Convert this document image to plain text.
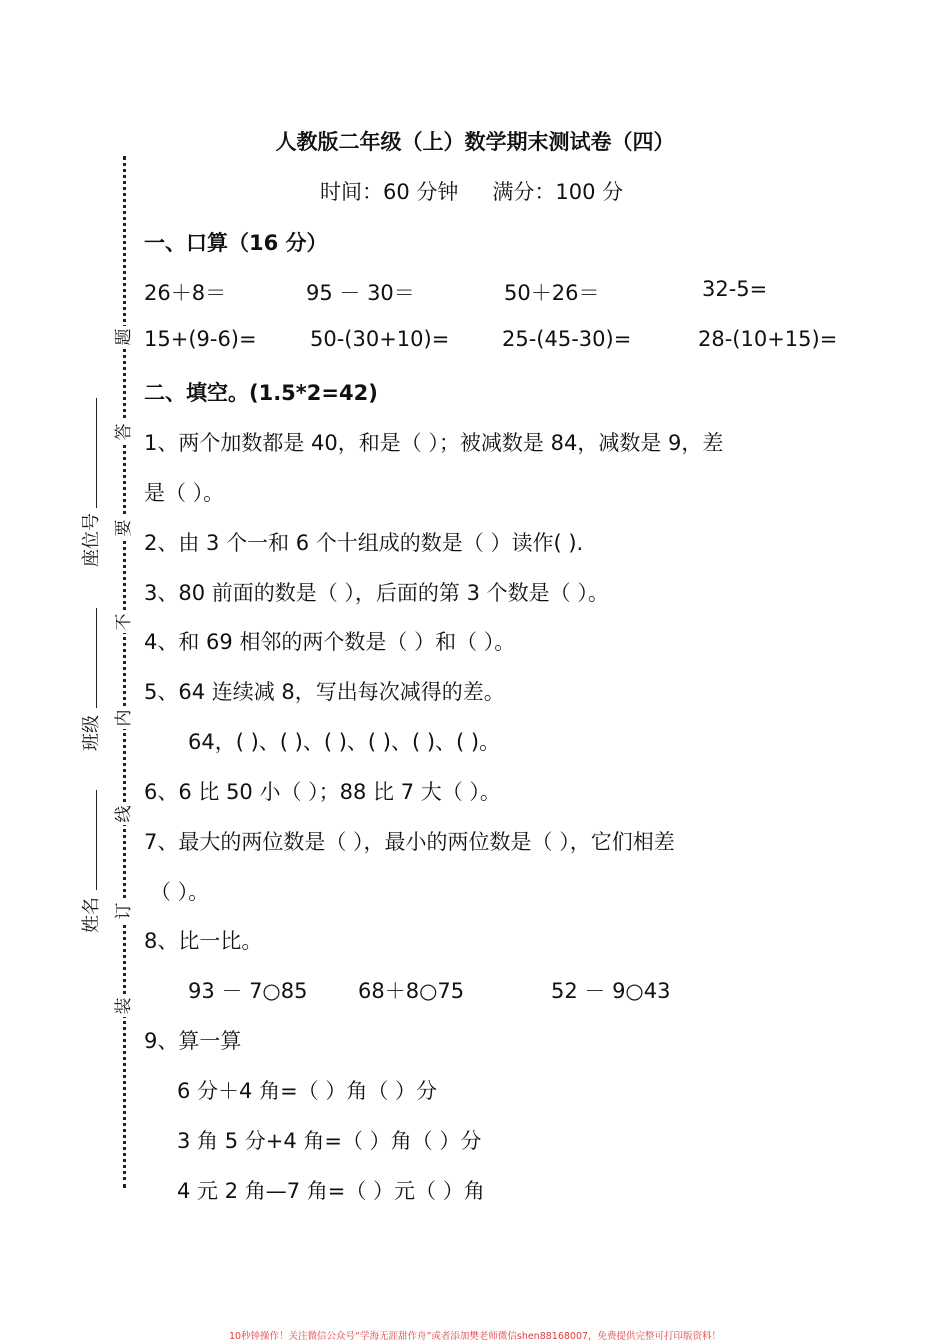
人教版二年级（上）数学期末测试卷（四）
时间：60 分钟 满分：100 分
题
答
要
不
内
线
订
装
座位号
班级
姓名
一、口算（16 分）
26＋8＝	95 － 30＝	50＋26＝	32-5=
15+(9-6)=	50-(30+10)=	25-(45-30)=	28-(10+15)=
二、填空。(1.5*2=42)
1、两个加数都是 40，和是（ ）；被减数是 84，减数是 9，差
是（ ）。
2、由 3 个一和 6 个十组成的数是（ ）读作( ).
3、80 前面的数是（ ），后面的第 3 个数是（ ）。
4、和 69 相邻的两个数是（ ）和（ ）。
5、64 连续减 8，写出每次减得的差。
64，( )、( )、( )、( )、( )、( )。
6、6 比 50 小（ ）；88 比 7 大（ ）。
7、最大的两位数是（ ），最小的两位数是（ ），它们相差
（ ）。
8、比一比。
93 － 7○85 68＋8○75	52 － 9○43
9、算一算
6 分＋4 角=（ ）角（ ）分
3 角 5 分+4 角=（ ）角（ ）分
4 元 2 角—7 角=（ ）元（ ）角
10秒钟操作！关注微信公众号“学海无涯甜作舟”或者添加樊老师微信shen88168007，免费提供完整可打印版资料！
